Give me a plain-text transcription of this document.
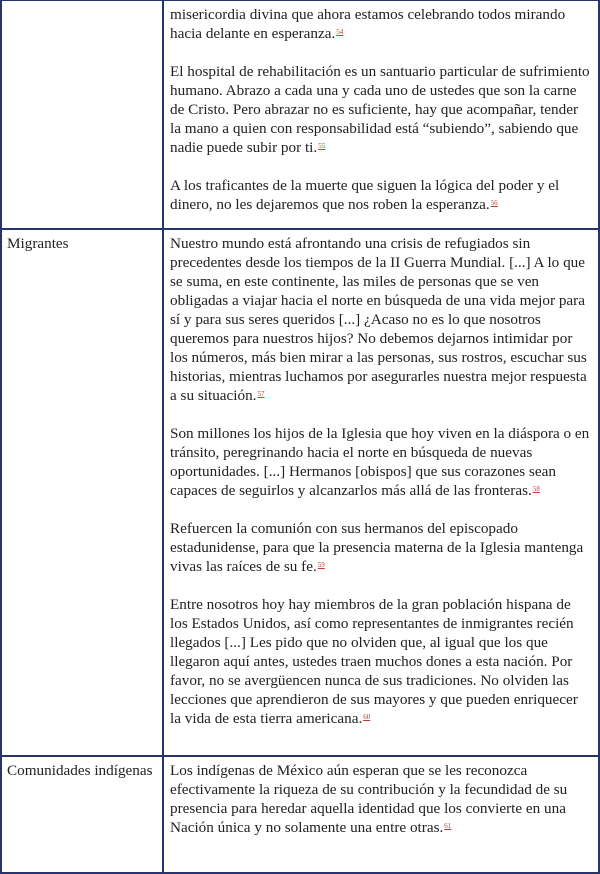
	misericordia divina que ahora estamos celebrando todos mirando hacia delante en esperanza.$^{54}$

El hospital de rehabilitación es un santuario particular de sufrimiento humano. Abrazo a cada una y cada uno de ustedes que son la carne de Cristo. Pero abrazar no es suficiente, hay que acompañar, tender la mano a quien con responsabilidad está “subiendo”, sabiendo que nadie puede subir por ti.$^{55}$

A los traficantes de la muerte que siguen la lógica del poder y el dinero, no les dejaremos que nos roben la esperanza.$^{56}$

Migrantes	Nuestro mundo está afrontando una crisis de refugiados sin precedentes desde los tiempos de la II Guerra Mundial. [...] A lo que se suma, en este continente, las miles de personas que se ven obligadas a viajar hacia el norte en búsqueda de una vida mejor para sí y para sus seres queridos [...] ¿Acaso no es lo que nosotros queremos para nuestros hijos? No debemos dejarnos intimidar por los números, más bien mirar a las personas, sus rostros, escuchar sus historias, mientras luchamos por asegurarles nuestra mejor respuesta a su situación.$^{57}$

Son millones los hijos de la Iglesia que hoy viven en la diáspora o en tránsito, peregrinando hacia el norte en búsqueda de nuevas oportunidades. [...] Hermanos [obispos] que sus corazones sean capaces de seguirlos y alcanzarlos más allá de las fronteras.$^{58}$

Refuercen la comunión con sus hermanos del episcopado estadunidense, para que la presencia materna de la Iglesia mantenga vivas las raíces de su fe.$^{59}$

Entre nosotros hoy hay miembros de la gran población hispana de los Estados Unidos, así como representantes de inmigrantes recién llegados [...] Les pido que no olviden que, al igual que los que llegaron aquí antes, ustedes traen muchos dones a esta nación. Por favor, no se avergüencen nunca de sus tradiciones. No olviden las lecciones que aprendieron de sus mayores y que pueden enriquecer la vida de esta tierra americana.$^{60}$

Comunidades indígenas	Los indígenas de México aún esperan que se les reconozca efectivamente la riqueza de su contribución y la fecundidad de su presencia para heredar aquella identidad que los convierte en una Nación única y no solamente una entre otras.$^{61}$
